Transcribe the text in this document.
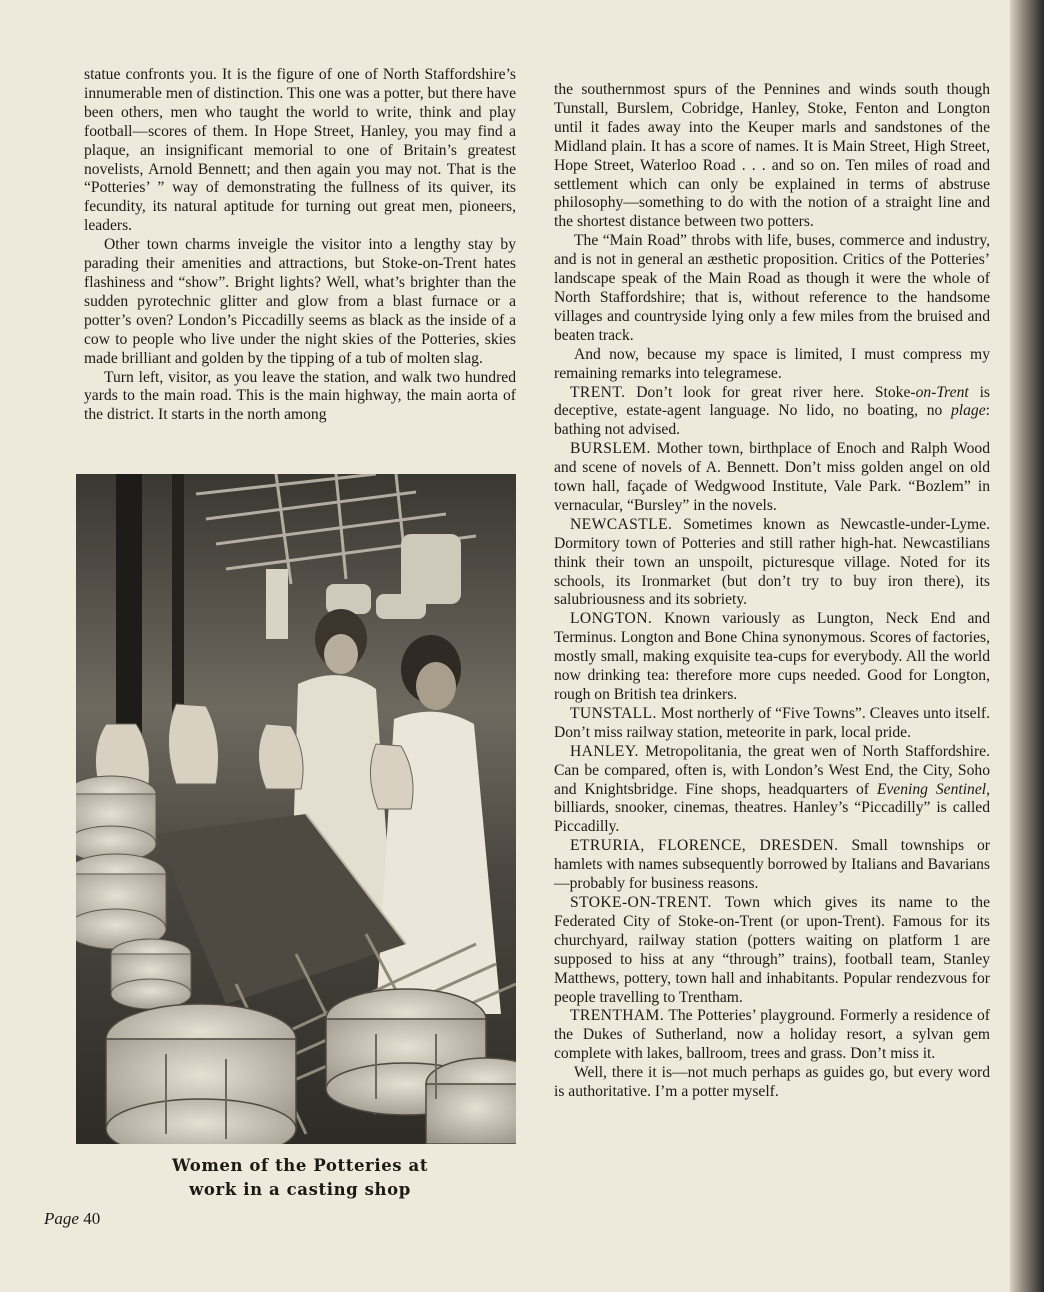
statue confronts you. It is the figure of one of North Staffordshire’s innumerable men of distinction. This one was a potter, but there have been others, men who taught the world to write, think and play football—scores of them. In Hope Street, Hanley, you may find a plaque, an insignificant memorial to one of Britain’s greatest novelists, Arnold Bennett; and then again you may not. That is the “Potteries’ ” way of demonstrating the fullness of its quiver, its fecundity, its natural aptitude for turning out great men, pioneers, leaders.

Other town charms inveigle the visitor into a lengthy stay by parading their amenities and attractions, but Stoke-on-Trent hates flashiness and “show”. Bright lights? Well, what’s brighter than the sudden pyrotechnic glitter and glow from a blast furnace or a potter’s oven? London’s Piccadilly seems as black as the inside of a cow to people who live under the night skies of the Potteries, skies made brilliant and golden by the tipping of a tub of molten slag.

Turn left, visitor, as you leave the station, and walk two hundred yards to the main road. This is the main highway, the main aorta of the district. It starts in the north among

Women of the Potteries at
work in a casting shop
Page 40

the southernmost spurs of the Pennines and winds south though Tunstall, Burslem, Cobridge, Hanley, Stoke, Fenton and Longton until it fades away into the Keuper marls and sandstones of the Midland plain. It has a score of names. It is Main Street, High Street, Hope Street, Waterloo Road . . . and so on. Ten miles of road and settlement which can only be explained in terms of abstruse philosophy—something to do with the notion of a straight line and the shortest distance between two potters.

The “Main Road” throbs with life, buses, commerce and industry, and is not in general an æsthetic proposition. Critics of the Potteries’ landscape speak of the Main Road as though it were the whole of North Staffordshire; that is, without reference to the handsome villages and countryside lying only a few miles from the bruised and beaten track.

And now, because my space is limited, I must compress my remaining remarks into telegramese.

TRENT. Don’t look for great river here. Stoke-on-Trent is deceptive, estate-agent language. No lido, no boating, no plage: bathing not advised.

BURSLEM. Mother town, birthplace of Enoch and Ralph Wood and scene of novels of A. Bennett. Don’t miss golden angel on old town hall, façade of Wedgwood Institute, Vale Park. “Bozlem” in vernacular, “Bursley” in the novels.

NEWCASTLE. Sometimes known as Newcastle-under-Lyme. Dormitory town of Potteries and still rather high-hat. Newcastilians think their town an unspoilt, picturesque village. Noted for its schools, its Ironmarket (but don’t try to buy iron there), its salubriousness and its sobriety.

LONGTON. Known variously as Lungton, Neck End and Terminus. Longton and Bone China synonymous. Scores of factories, mostly small, making exquisite tea-cups for everybody. All the world now drinking tea: therefore more cups needed. Good for Longton, rough on British tea drinkers.

TUNSTALL. Most northerly of “Five Towns”. Cleaves unto itself. Don’t miss railway station, meteorite in park, local pride.

HANLEY. Metropolitania, the great wen of North Staffordshire. Can be compared, often is, with London’s West End, the City, Soho and Knightsbridge. Fine shops, headquarters of Evening Sentinel, billiards, snooker, cinemas, theatres. Hanley’s “Piccadilly” is called Piccadilly.

ETRURIA, FLORENCE, DRESDEN. Small townships or hamlets with names subsequently borrowed by Italians and Bavarians—probably for business reasons.

STOKE-ON-TRENT. Town which gives its name to the Federated City of Stoke-on-Trent (or upon-Trent). Famous for its churchyard, railway station (potters waiting on platform 1 are supposed to hiss at any “through” trains), football team, Stanley Matthews, pottery, town hall and inhabitants. Popular rendezvous for people travelling to Trentham.

TRENTHAM. The Potteries’ playground. Formerly a residence of the Dukes of Sutherland, now a holiday resort, a sylvan gem complete with lakes, ballroom, trees and grass. Don’t miss it.

Well, there it is—not much perhaps as guides go, but every word is authoritative. I’m a potter myself.
